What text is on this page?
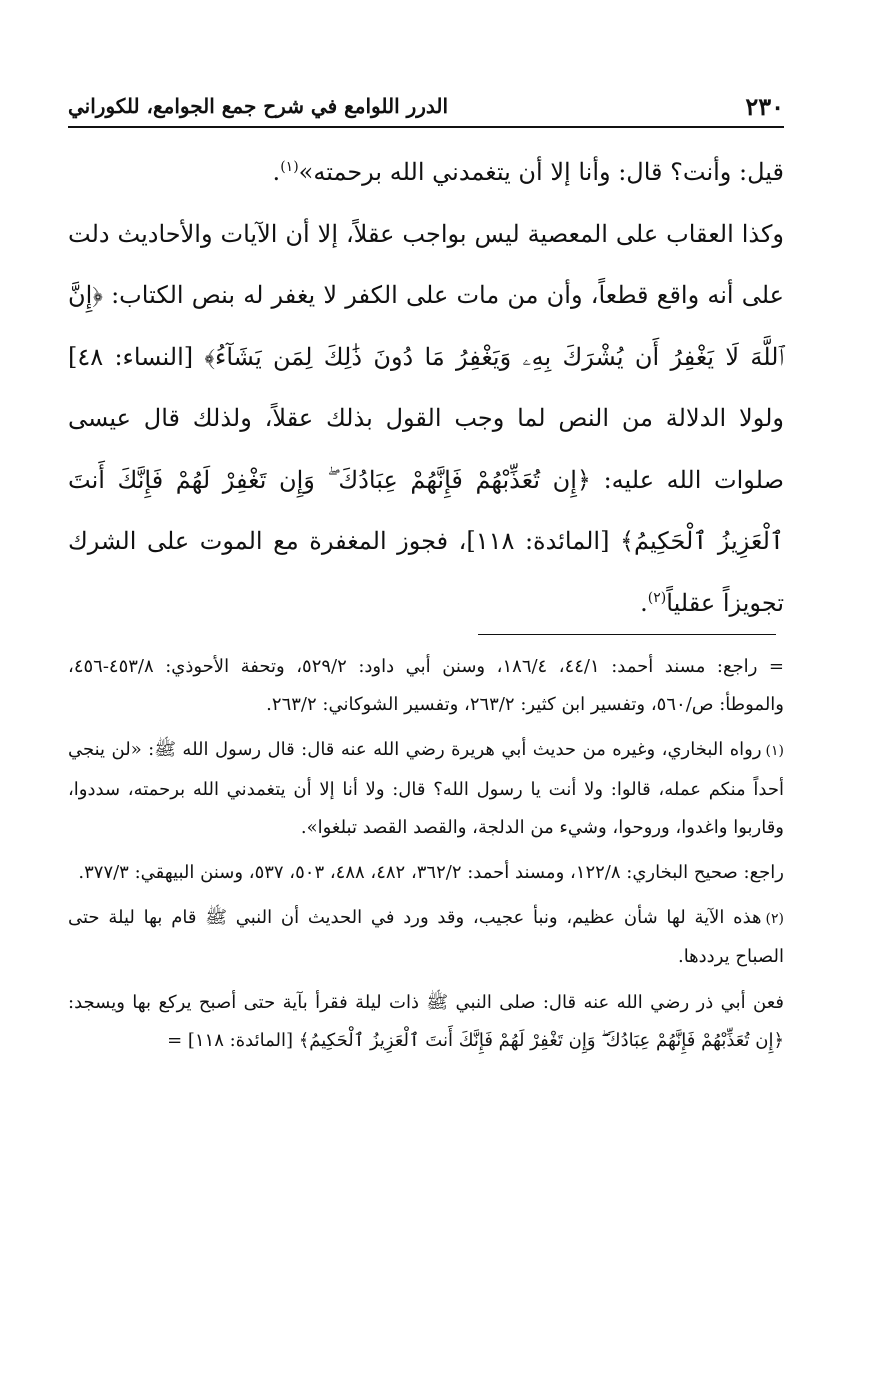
الدرر اللوامع في شرح جمع الجوامع، للكوراني	٢٣٠

قيل: وأنت؟ قال: وأنا إلا أن يتغمدني الله برحمته»$^{(١)}$.

وكذا العقاب على المعصية ليس بواجب عقلاً، إلا أن الآيات والأحاديث دلت على أنه واقع قطعاً، وأن من مات على الكفر لا يغفر له بنص الكتاب: ﴿إِنَّ ٱللَّهَ لَا يَغْفِرُ أَن يُشْرَكَ بِهِۦ وَيَغْفِرُ مَا دُونَ ذَٰلِكَ لِمَن يَشَآءُ﴾ [النساء: ٤٨] ولولا الدلالة من النص لما وجب القول بذلك عقلاً، ولذلك قال عيسى صلوات الله عليه: ﴿إِن تُعَذِّبْهُمْ فَإِنَّهُمْ عِبَادُكَ ۖ وَإِن تَغْفِرْ لَهُمْ فَإِنَّكَ أَنتَ ٱلْعَزِيزُ ٱلْحَكِيمُ﴾ [المائدة: ١١٨]، فجوز المغفرة مع الموت على الشرك تجويزاً عقلياً$^{(٢)}$.

= راجع: مسند أحمد: ٤٤/١، ١٨٦/٤، وسنن أبي داود: ٥٢٩/٢، وتحفة الأحوذي: ٤٥٣/٨-٤٥٦، والموطأ: ص/٥٦٠، وتفسير ابن كثير: ٢٦٣/٢، وتفسير الشوكاني: ٢٦٣/٢.

(١)رواه البخاري، وغيره من حديث أبي هريرة رضي الله عنه قال: قال رسول الله ﷺ: «لن ينجي أحداً منكم عمله، قالوا: ولا أنت يا رسول الله؟ قال: ولا أنا إلا أن يتغمدني الله برحمته، سددوا، وقاربوا واغدوا، وروحوا، وشيء من الدلجة، والقصد القصد تبلغوا».

راجع: صحيح البخاري: ١٢٢/٨، ومسند أحمد: ٣٦٢/٢، ٤٨٢، ٤٨٨، ٥٠٣، ٥٣٧، وسنن البيهقي: ٣٧٧/٣.

(٢)هذه الآية لها شأن عظيم، ونبأ عجيب، وقد ورد في الحديث أن النبي ﷺ قام بها ليلة حتى الصباح يرددها.

فعن أبي ذر رضي الله عنه قال: صلى النبي ﷺ ذات ليلة فقرأ بآية حتى أصبح يركع بها ويسجد: ﴿إِن تُعَذِّبْهُمْ فَإِنَّهُمْ عِبَادُكَ ۖ وَإِن تَغْفِرْ لَهُمْ فَإِنَّكَ أَنتَ ٱلْعَزِيزُ ٱلْحَكِيمُ﴾ [المائدة: ١١٨] =
